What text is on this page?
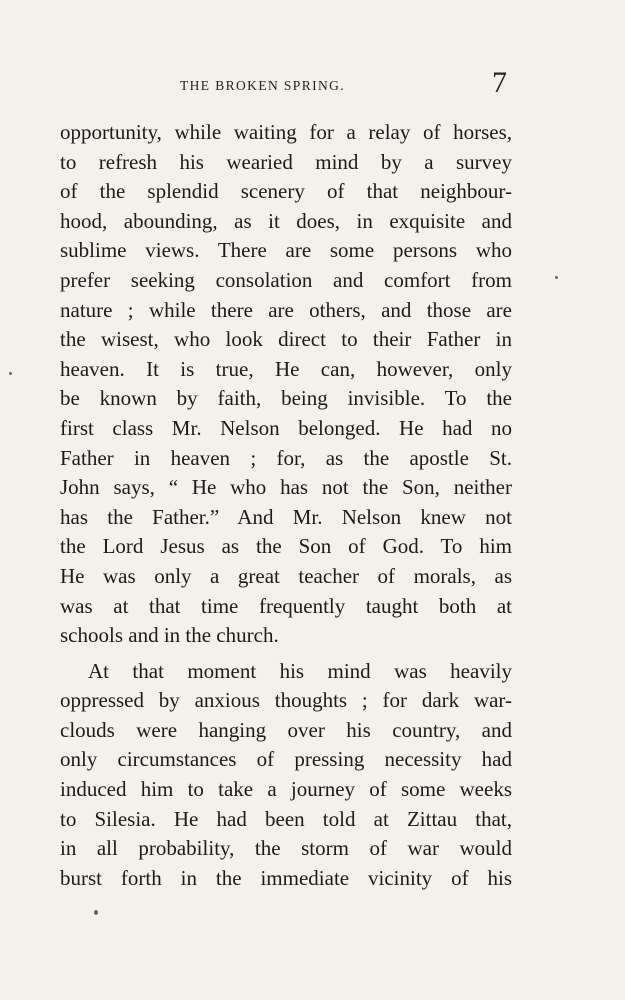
THE BROKEN SPRING.	7
opportunity, while waiting for a relay of horses,
to refresh his wearied mind by a survey
of the splendid scenery of that neighbour-
hood, abounding, as it does, in exquisite and
sublime views. There are some persons who
prefer seeking consolation and comfort from
nature ; while there are others, and those are
the wisest, who look direct to their Father in
heaven. It is true, He can, however, only
be known by faith, being invisible. To the
first class Mr. Nelson belonged. He had no
Father in heaven ; for, as the apostle St.
John says, “ He who has not the Son, neither
has the Father.” And Mr. Nelson knew not
the Lord Jesus as the Son of God. To him
He was only a great teacher of morals, as
was at that time frequently taught both at
schools and in the church.
At that moment his mind was heavily
oppressed by anxious thoughts ; for dark war-
clouds were hanging over his country, and
only circumstances of pressing necessity had
induced him to take a journey of some weeks
to Silesia. He had been told at Zittau that,
in all probability, the storm of war would
burst forth in the immediate vicinity of his
